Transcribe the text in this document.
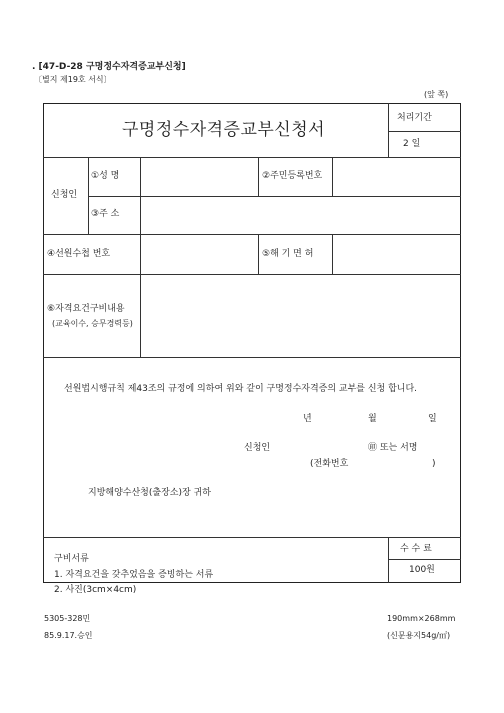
. [47-D-28 구명정수자격증교부신청]
〔별지 제19호 서식〕
(앞 쪽)
구명정수자격증교부신청서
처리기간
2 일
신청인
①성 명	②주민등록번호
③주 소
④선원수첩 번호	⑤해 기 면 허
⑥자격요건구비내용
(교육이수, 승무경력등)
선원법시행규칙 제43조의 규정에 의하여 위와 같이 구명정수자격증의 교부를 신청 합니다.
년	월	일
신청인	㊞ 또는 서명
(전화번호	)
지방해양수산청(출장소)장 귀하
구비서류
1. 자격요건을 갖추었음을 증빙하는 서류
2. 사진(3cm×4cm)
수 수 료
100원
5305-328민
85.9.17.승인
190mm×268mm
(신문용지54g/㎡)
